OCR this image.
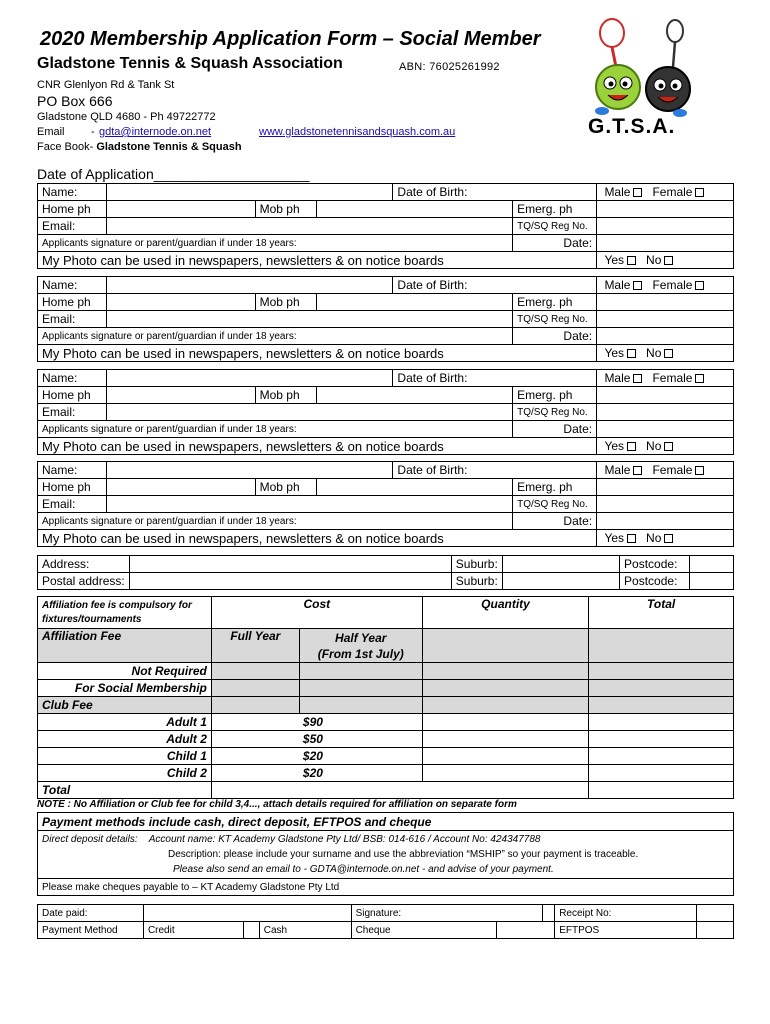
2020 Membership Application Form – Social Member
Gladstone Tennis & Squash Association	ABN: 76025261992
CNR Glenlyon Rd & Tank St
PO Box 666
Gladstone QLD 4680 - Ph 49722772
Email - gdta@internode.on.net	www.gladstonetennisandsquash.com.au
Face Book- Gladstone Tennis & Squash
G.T.S.A.
Date of Application____________________
Name:				Date of Birth:		Male Female
Home ph		Mob ph			Emerg. ph	
Email:					TQ/SQ Reg No.	
Applicants signature or parent/guardian if under 18 years:					Date:	
My Photo can be used in newspapers, newsletters & on notice boards						Yes No
Name:				Date of Birth:		Male Female
Home ph		Mob ph			Emerg. ph	
Email:					TQ/SQ Reg No.	
Applicants signature or parent/guardian if under 18 years:					Date:	
My Photo can be used in newspapers, newsletters & on notice boards						Yes No
Name:				Date of Birth:		Male Female
Home ph		Mob ph			Emerg. ph	
Email:					TQ/SQ Reg No.	
Applicants signature or parent/guardian if under 18 years:					Date:	
My Photo can be used in newspapers, newsletters & on notice boards						Yes No
Name:				Date of Birth:		Male Female
Home ph		Mob ph			Emerg. ph	
Email:					TQ/SQ Reg No.	
Applicants signature or parent/guardian if under 18 years:					Date:	
My Photo can be used in newspapers, newsletters & on notice boards						Yes No
Address:		Suburb:		Postcode:	
Postal address:		Suburb:		Postcode:	
Affiliation fee is compulsory for fixtures/tournaments	Cost		Quantity	Total
Affiliation Fee	Full Year	Half Year
(From 1st July)		
Not Required				
For Social Membership				
Club Fee				
Adult 1	$90			
Adult 2	$50			
Child 1	$20			
Child 2	$20			
Total				
NOTE : No Affiliation or Club fee for child 3,4..., attach details required for affiliation on separate form
Payment methods include cash, direct deposit, EFTPOS and cheque
Direct deposit details: Account name: KT Academy Gladstone Pty Ltd/ BSB: 014-616 / Account No: 424347788
Description: please include your surname and use the abbreviation “MSHIP” so your payment is traceable.
Please also send an email to - GDTA@internode.on.net - and advise of your payment.
Please make cheques payable to – KT Academy Gladstone Pty Ltd
Date paid:				Signature:			Receipt No:	
Payment Method	Credit		Cash	Cheque			EFTPOS	
